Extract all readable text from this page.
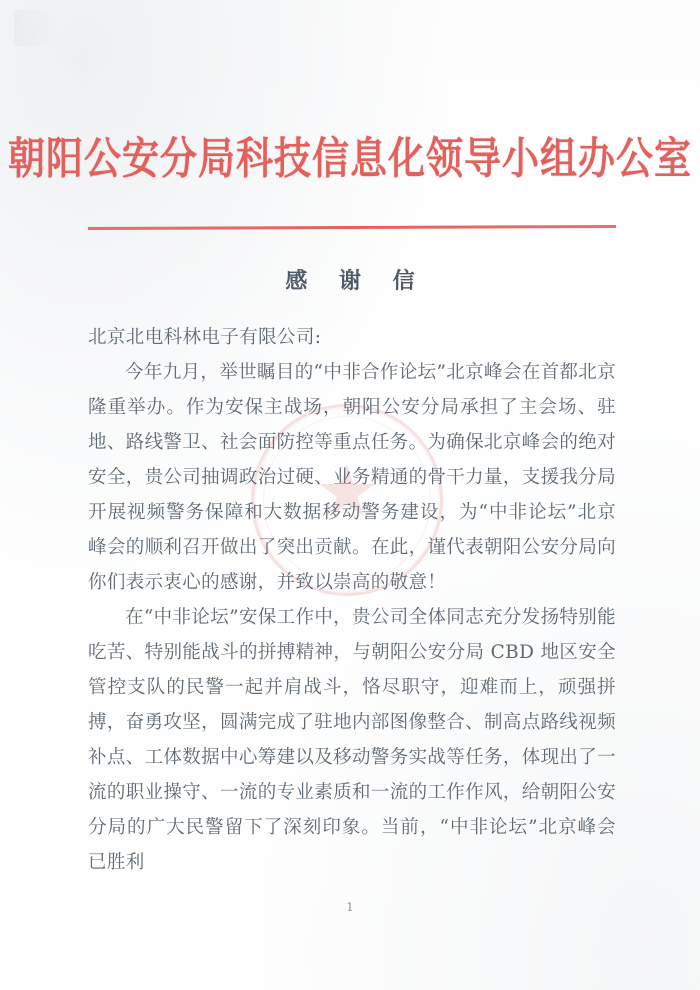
朝阳公安分局科技信息化领导小组办公室
感 谢 信

北京北电科林电子有限公司:

今年九月，举世瞩目的“中非合作论坛”北京峰会在首都北京隆重举办。作为安保主战场，朝阳公安分局承担了主会场、驻地、路线警卫、社会面防控等重点任务。为确保北京峰会的绝对安全，贵公司抽调政治过硬、业务精通的骨干力量，支援我分局开展视频警务保障和大数据移动警务建设，为“中非论坛”北京峰会的顺利召开做出了突出贡献。在此，谨代表朝阳公安分局向你们表示衷心的感谢，并致以崇高的敬意！

在“中非论坛”安保工作中，贵公司全体同志充分发扬特别能吃苦、特别能战斗的拼搏精神，与朝阳公安分局 CBD 地区安全管控支队的民警一起并肩战斗，恪尽职守，迎难而上，顽强拼搏，奋勇攻坚，圆满完成了驻地内部图像整合、制高点路线视频补点、工体数据中心筹建以及移动警务实战等任务，体现出了一流的职业操守、一流的专业素质和一流的工作作风，给朝阳公安分局的广大民警留下了深刻印象。当前，“中非论坛”北京峰会已胜利

1
